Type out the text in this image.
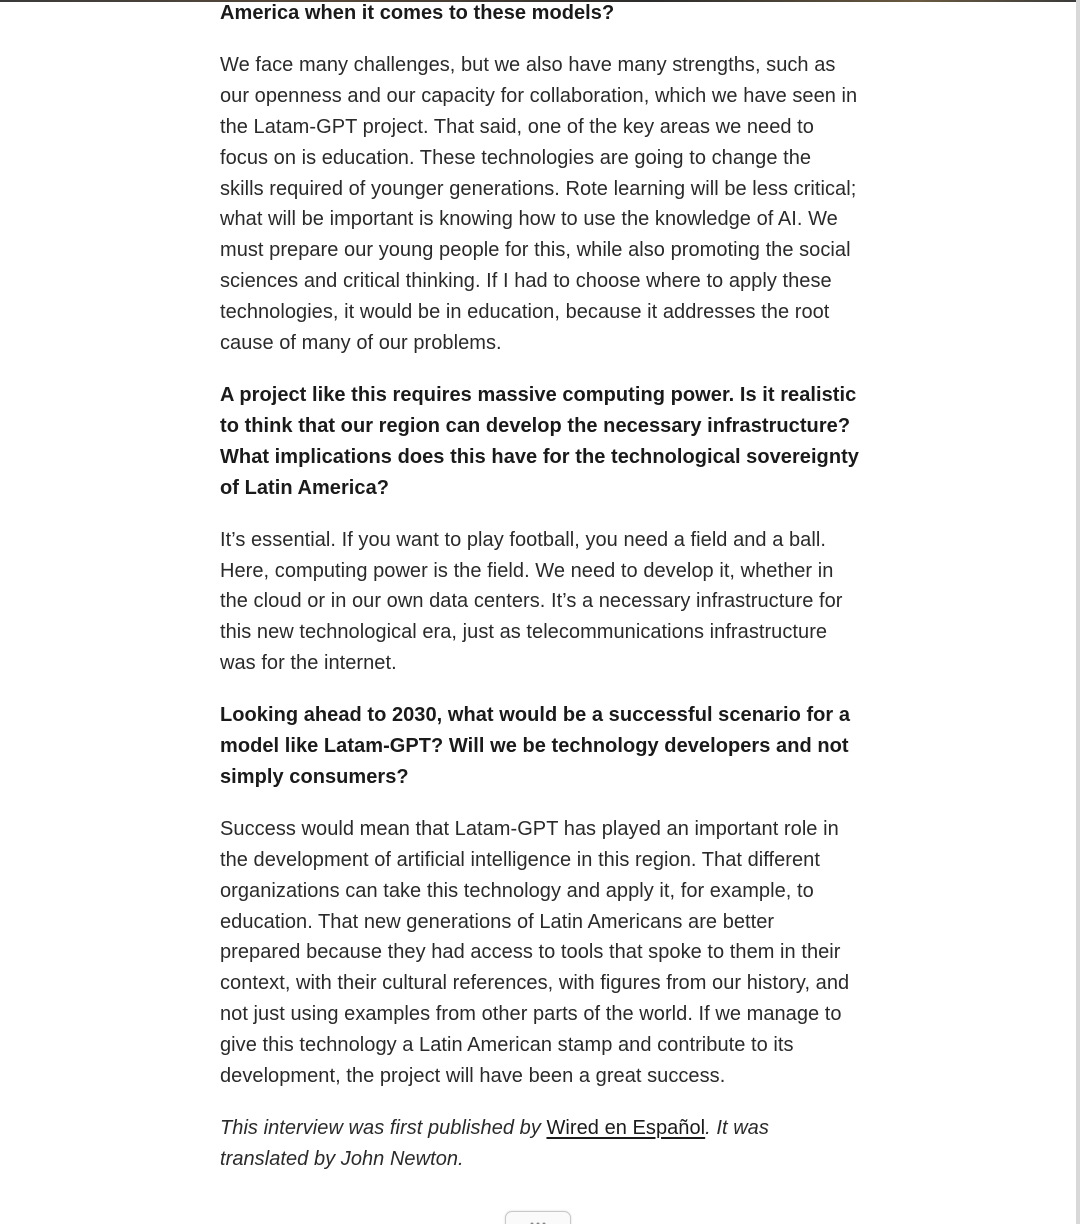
America when it comes to these models?

We face many challenges, but we also have many strengths, such as our openness and our capacity for collaboration, which we have seen in the Latam-GPT project. That said, one of the key areas we need to focus on is education. These technologies are going to change the skills required of younger generations. Rote learning will be less critical; what will be important is knowing how to use the knowledge of AI. We must prepare our young people for this, while also promoting the social sciences and critical thinking. If I had to choose where to apply these technologies, it would be in education, because it addresses the root cause of many of our problems.

A project like this requires massive computing power. Is it realistic to think that our region can develop the necessary infrastructure? What implications does this have for the technological sovereignty of Latin America?

It’s essential. If you want to play football, you need a field and a ball. Here, computing power is the field. We need to develop it, whether in the cloud or in our own data centers. It’s a necessary infrastructure for this new technological era, just as telecommunications infrastructure was for the internet.

Looking ahead to 2030, what would be a successful scenario for a model like Latam-GPT? Will we be technology developers and not simply consumers?

Success would mean that Latam-GPT has played an important role in the development of artificial intelligence in this region. That different organizations can take this technology and apply it, for example, to education. That new generations of Latin Americans are better prepared because they had access to tools that spoke to them in their context, with their cultural references, with figures from our history, and not just using examples from other parts of the world. If we manage to give this technology a Latin American stamp and contribute to its development, the project will have been a great success.

This interview was first published by Wired en Español. It was translated by John Newton.
